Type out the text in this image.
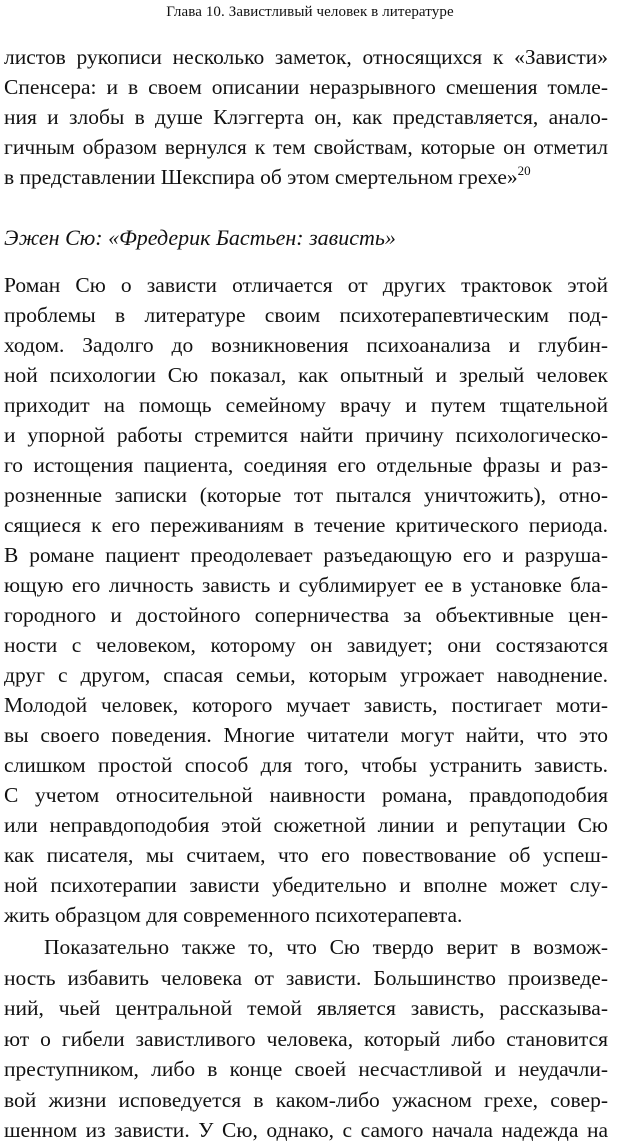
Глава 10. Завистливый человек в литературе
листов рукописи несколько заметок, относящихся к «Зависти»
Спенсера: и в своем описании неразрывного смешения томле-
ния и злобы в душе Клэггерта он, как представляется, анало-
гичным образом вернулся к тем свойствам, которые он отметил
в представлении Шекспира об этом смертельном грехе»$^{20}$
Эжен Сю: «Фредерик Бастьен: зависть»
Роман Сю о зависти отличается от других трактовок этой
проблемы в литературе своим психотерапевтическим под-
ходом. Задолго до возникновения психоанализа и глубин-
ной психологии Сю показал, как опытный и зрелый человек
приходит на помощь семейному врачу и путем тщательной
и упорной работы стремится найти причину психологическо-
го истощения пациента, соединяя его отдельные фразы и раз-
розненные записки (которые тот пытался уничтожить), отно-
сящиеся к его переживаниям в течение критического периода.
В романе пациент преодолевает разъедающую его и разруша-
ющую его личность зависть и сублимирует ее в установке бла-
городного и достойного соперничества за объективные цен-
ности с человеком, которому он завидует; они состязаются
друг с другом, спасая семьи, которым угрожает наводнение.
Молодой человек, которого мучает зависть, постигает моти-
вы своего поведения. Многие читатели могут найти, что это
слишком простой способ для того, чтобы устранить зависть.
С учетом относительной наивности романа, правдоподобия
или неправдоподобия этой сюжетной линии и репутации Сю
как писателя, мы считаем, что его повествование об успеш-
ной психотерапии зависти убедительно и вполне может слу-
жить образцом для современного психотерапевта.
Показательно также то, что Сю твердо верит в возмож-
ность избавить человека от зависти. Большинство произведе-
ний, чьей центральной темой является зависть, рассказыва-
ют о гибели завистливого человека, который либо становится
преступником, либо в конце своей несчастливой и неудачли-
вой жизни исповедуется в каком-либо ужасном грехе, совер-
шенном из зависти. У Сю, однако, с самого начала надежда на
